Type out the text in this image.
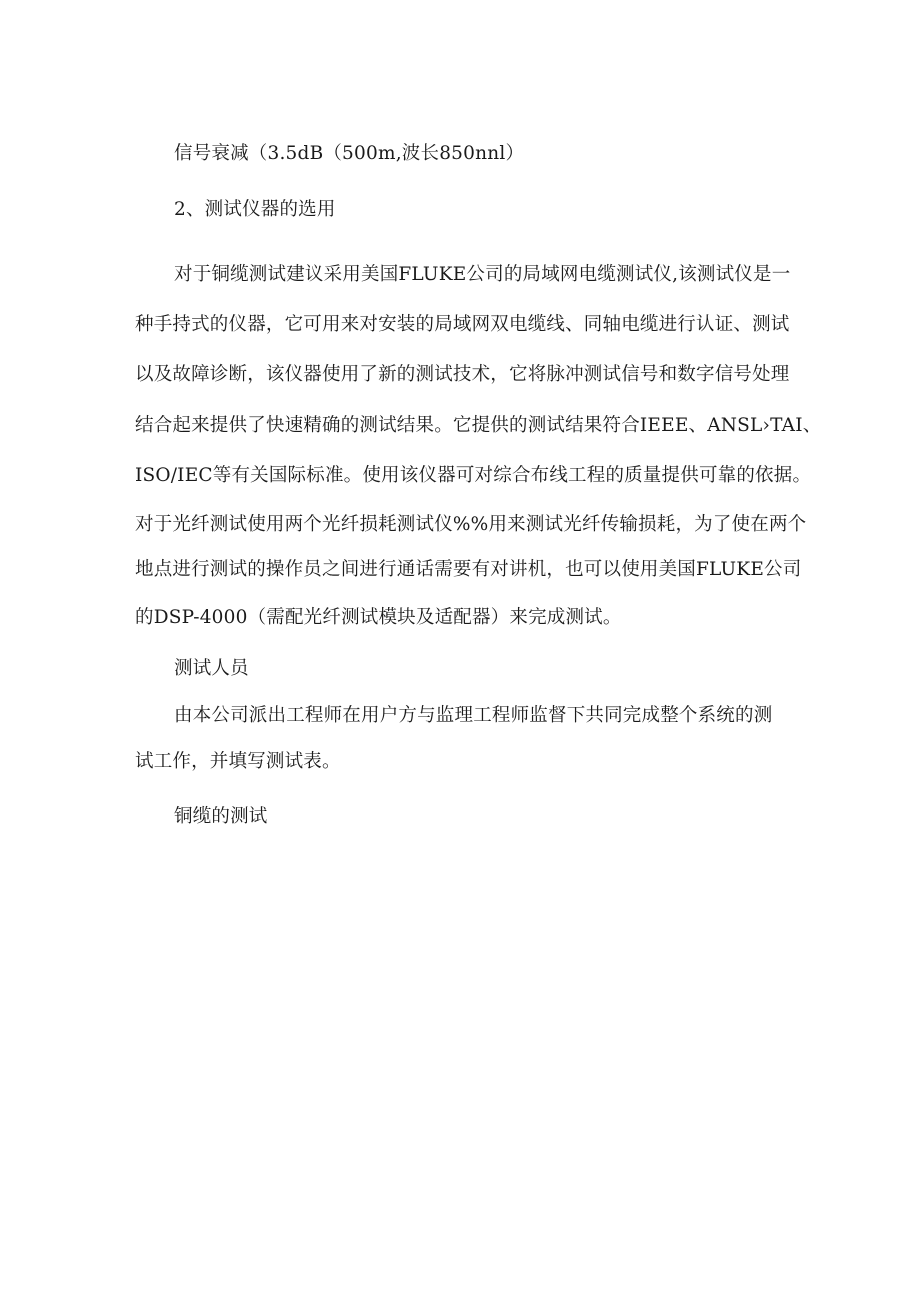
信号衰减（3.5dB（500m,波长850nnl）
2、测试仪器的选用
对于铜缆测试建议采用美国FLUKE公司的局域网电缆测试仪,该测试仪是一
种手持式的仪器，它可用来对安装的局域网双电缆线、同轴电缆进行认证、测试
以及故障诊断，该仪器使用了新的测试技术，它将脉冲测试信号和数字信号处理
结合起来提供了快速精确的测试结果。它提供的测试结果符合IEEE、ANSL›TAI、
ISO/IEC等有关国际标准。使用该仪器可对综合布线工程的质量提供可靠的依据。
对于光纤测试使用两个光纤损耗测试仪%%用来测试光纤传输损耗，为了使在两个
地点进行测试的操作员之间进行通话需要有对讲机，也可以使用美国FLUKE公司
的DSP-4000（需配光纤测试模块及适配器）来完成测试。
测试人员
由本公司派出工程师在用户方与监理工程师监督下共同完成整个系统的测
试工作，并填写测试表。
铜缆的测试
